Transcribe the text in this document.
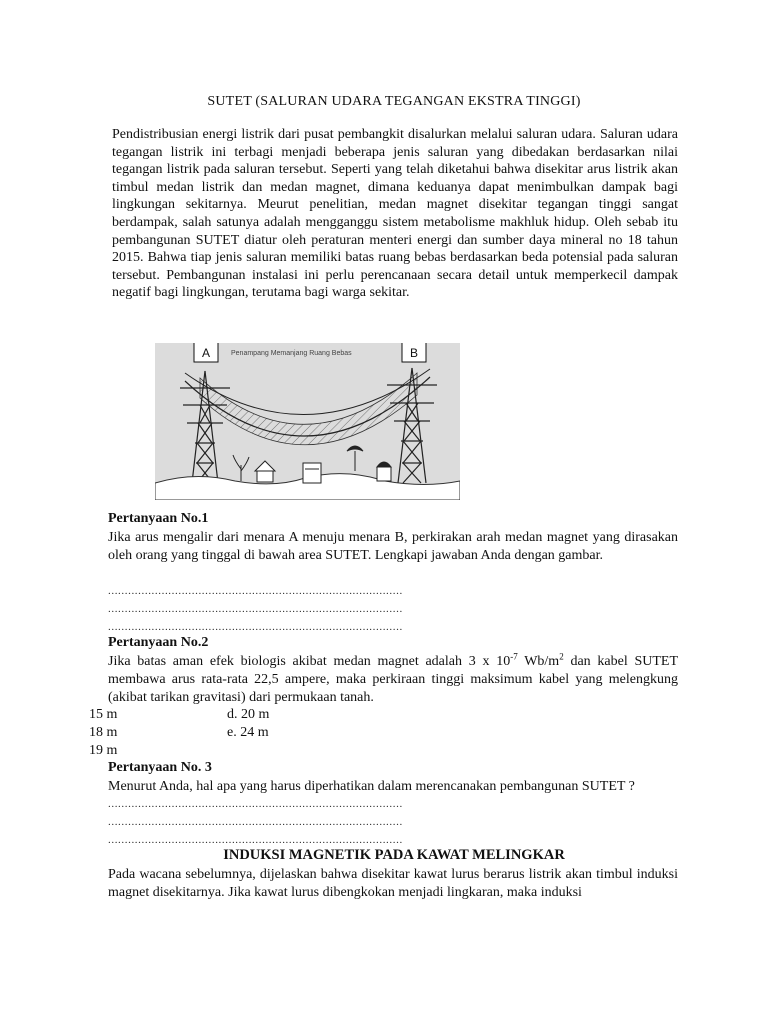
SUTET (SALURAN UDARA TEGANGAN EKSTRA TINGGI)
Pendistribusian energi listrik dari pusat pembangkit disalurkan melalui saluran udara. Saluran udara tegangan listrik ini terbagi menjadi beberapa jenis saluran yang dibedakan berdasarkan nilai tegangan listrik pada saluran tersebut. Seperti yang telah diketahui bahwa disekitar arus listrik akan timbul medan listrik dan medan magnet, dimana keduanya dapat menimbulkan dampak bagi lingkungan sekitarnya. Meurut penelitian, medan magnet disekitar tegangan tinggi sangat berdampak, salah satunya adalah mengganggu sistem metabolisme makhluk hidup. Oleh sebab itu pembangunan SUTET diatur oleh peraturan menteri energi dan sumber daya mineral no 18 tahun 2015. Bahwa tiap jenis saluran memiliki batas ruang bebas berdasarkan beda potensial pada saluran tersebut. Pembangunan instalasi ini perlu perencanaan secara detail untuk memperkecil dampak negatif bagi lingkungan, terutama bagi warga sekitar.
A	B
Penampang Memanjang Ruang Bebas
Pertanyaan No.1
Jika arus mengalir dari menara A menuju menara B, perkirakan arah medan magnet yang dirasakan oleh orang yang tinggal di bawah area SUTET. Lengkapi jawaban Anda dengan gambar.
........................................................................................
........................................................................................
........................................................................................
Pertanyaan No.2
Jika batas aman efek biologis akibat medan magnet adalah 3 x $10^{-7}$ $Wb/m^2$ dan kabel SUTET membawa arus rata-rata 22,5 ampere, maka perkiraan tinggi maksimum kabel yang melengkung (akibat tarikan gravitasi) dari permukaan tanah.
15 m
18 m
19 m
d. 20 m
e. 24 m
Pertanyaan No. 3
Menurut Anda, hal apa yang harus diperhatikan dalam merencanakan pembangunan SUTET ?
........................................................................................
........................................................................................
........................................................................................
INDUKSI MAGNETIK PADA KAWAT MELINGKAR
Pada wacana sebelumnya, dijelaskan bahwa disekitar kawat lurus berarus listrik akan timbul induksi magnet disekitarnya. Jika kawat lurus dibengkokan menjadi lingkaran, maka induksi
